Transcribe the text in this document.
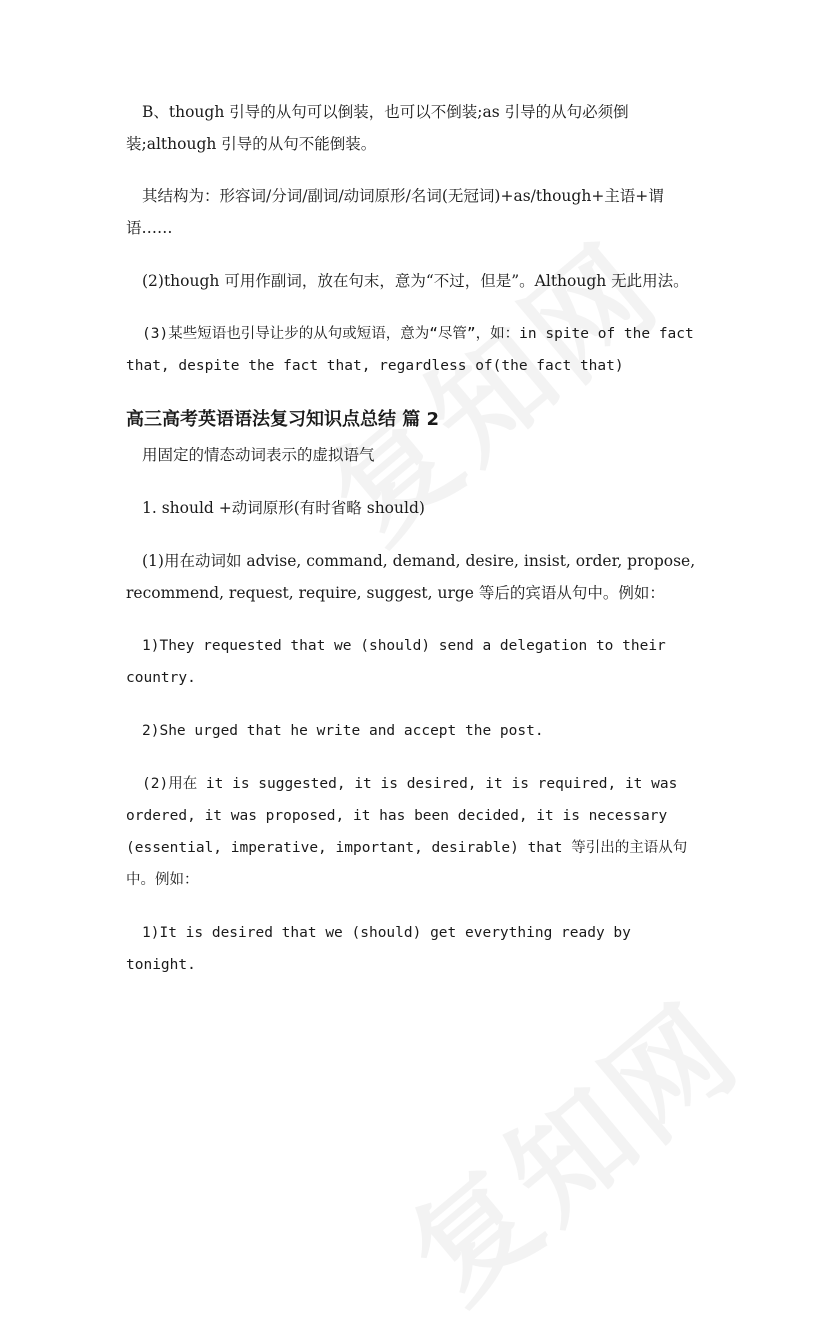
B、though 引导的从句可以倒装，也可以不倒装;as 引导的从句必须倒装;although 引导的从句不能倒装。

其结构为：形容词/分词/副词/动词原形/名词(无冠词)+as/though+主语+谓语……

(2)though 可用作副词，放在句末，意为“不过，但是”。Although 无此用法。

(3)某些短语也引导让步的从句或短语，意为“尽管”，如：in spite of the fact that, despite the fact that, regardless of(the fact that)

高三高考英语语法复习知识点总结 篇 2

用固定的情态动词表示的虚拟语气

1. should +动词原形(有时省略 should)

(1)用在动词如 advise, command, demand, desire, insist, order, propose, recommend, request, require, suggest, urge 等后的宾语从句中。例如：

1)They requested that we (should) send a delegation to their country.

2)She urged that he write and accept the post.

(2)用在 it is suggested, it is desired, it is required, it was ordered, it was proposed, it has been decided, it is necessary (essential, imperative, important, desirable) that 等引出的主语从句中。例如：

1)It is desired that we (should) get everything ready by tonight.
